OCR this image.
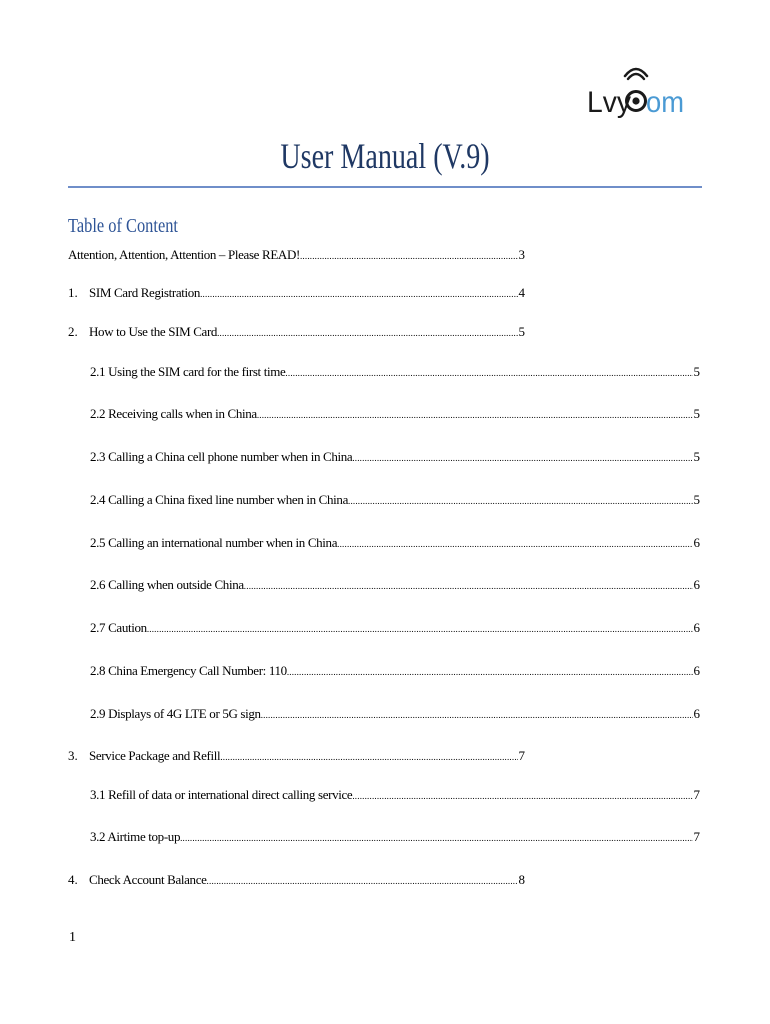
Lvy om
User Manual (V.9)
Table of Content
Attention, Attention, Attention – Please READ! .....	3
1. SIM Card Registration .....	4
2. How to Use the SIM Card .....	5
2.1 Using the SIM card for the first time .....	5
2.2 Receiving calls when in China .....	5
2.3 Calling a China cell phone number when in China .....	5
2.4 Calling a China fixed line number when in China .....	5
2.5 Calling an international number when in China .....	6
2.6 Calling when outside China .....	6
2.7 Caution .....	6
2.8 China Emergency Call Number: 110 .....	6
2.9 Displays of 4G LTE or 5G sign .....	6
3. Service Package and Refill .....	7
3.1 Refill of data or international direct calling service .....	7
3.2 Airtime top-up .....	7
4. Check Account Balance .....	8
1
